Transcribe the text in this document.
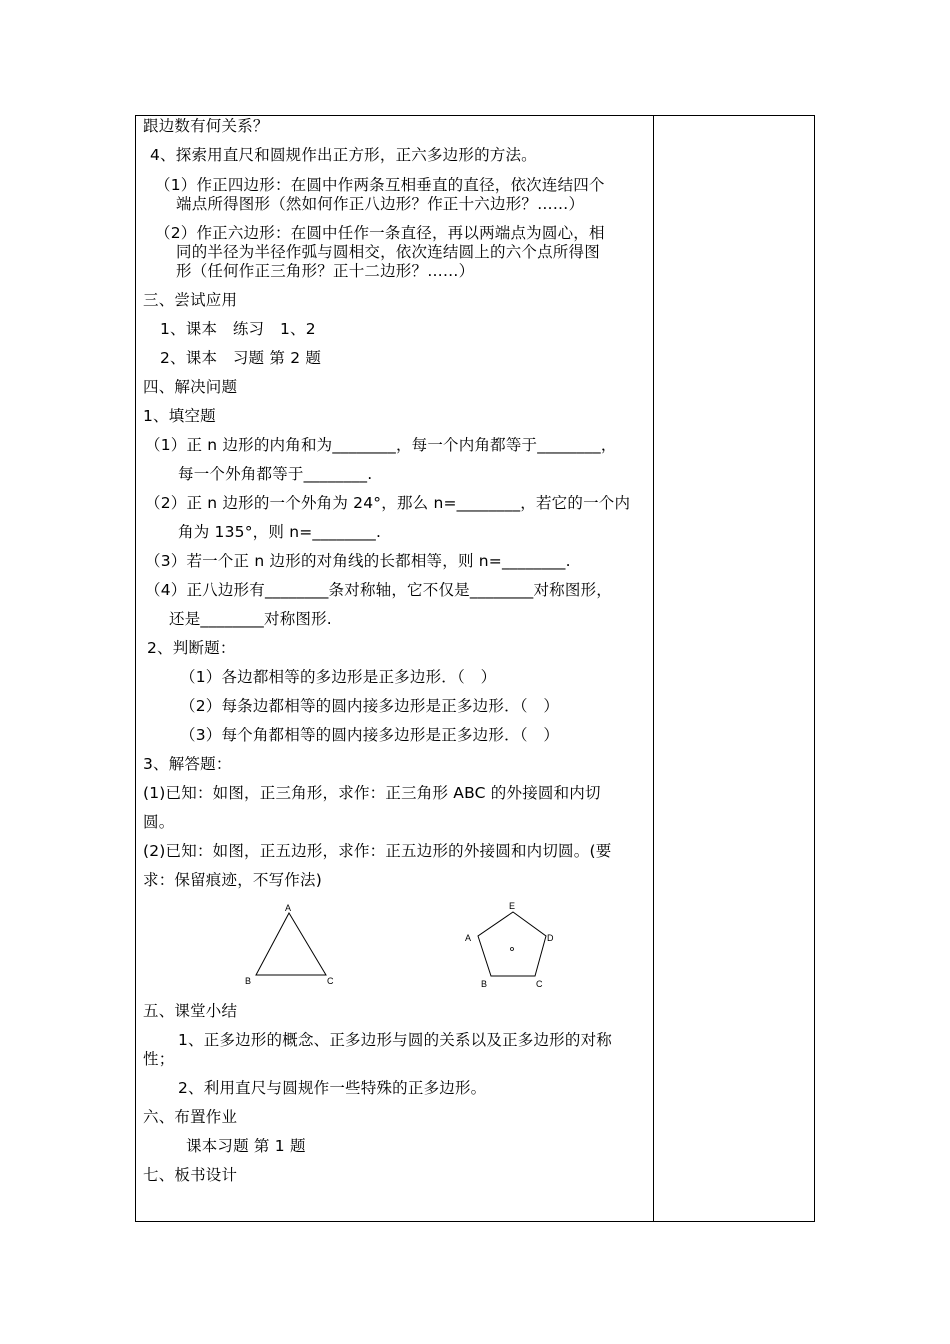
跟边数有何关系？
4、探索用直尺和圆规作出正方形，正六多边形的方法。
（1）作正四边形：在圆中作两条互相垂直的直径，依次连结四个
端点所得图形（然如何作正八边形？作正十六边形？……）
（2）作正六边形：在圆中任作一条直径，再以两端点为圆心，相
同的半径为半径作弧与圆相交，依次连结圆上的六个点所得图
形（任何作正三角形？正十二边形？……）
三、尝试应用
1、课本　练习　1、2
2、课本　习题 第 2 题
四、解决问题
1、填空题
（1）正 n 边形的内角和为________，每一个内角都等于________，
每一个外角都等于________.
（2）正 n 边形的一个外角为 24°，那么 n=________，若它的一个内
角为 135°，则 n=________.
（3）若一个正 n 边形的对角线的长都相等，则 n=________.
（4）正八边形有________条对称轴，它不仅是________对称图形，
还是________对称图形.
2、判断题：
（1）各边都相等的多边形是正多边形．（　）
（2）每条边都相等的圆内接多边形是正多边形．（　）
（3）每个角都相等的圆内接多边形是正多边形．（　）
3、解答题：
(1)已知：如图，正三角形，求作：正三角形 ABC 的外接圆和内切
圆。
(2)已知：如图，正五边形，求作：正五边形的外接圆和内切圆。(要
求：保留痕迹，不写作法)
五、课堂小结
1、正多边形的概念、正多边形与圆的关系以及正多边形的对称
性；
2、利用直尺与圆规作一些特殊的正多边形。
六、布置作业
课本习题 第 1 题
七、板书设计
A
B	C
E
A	D
B	C
